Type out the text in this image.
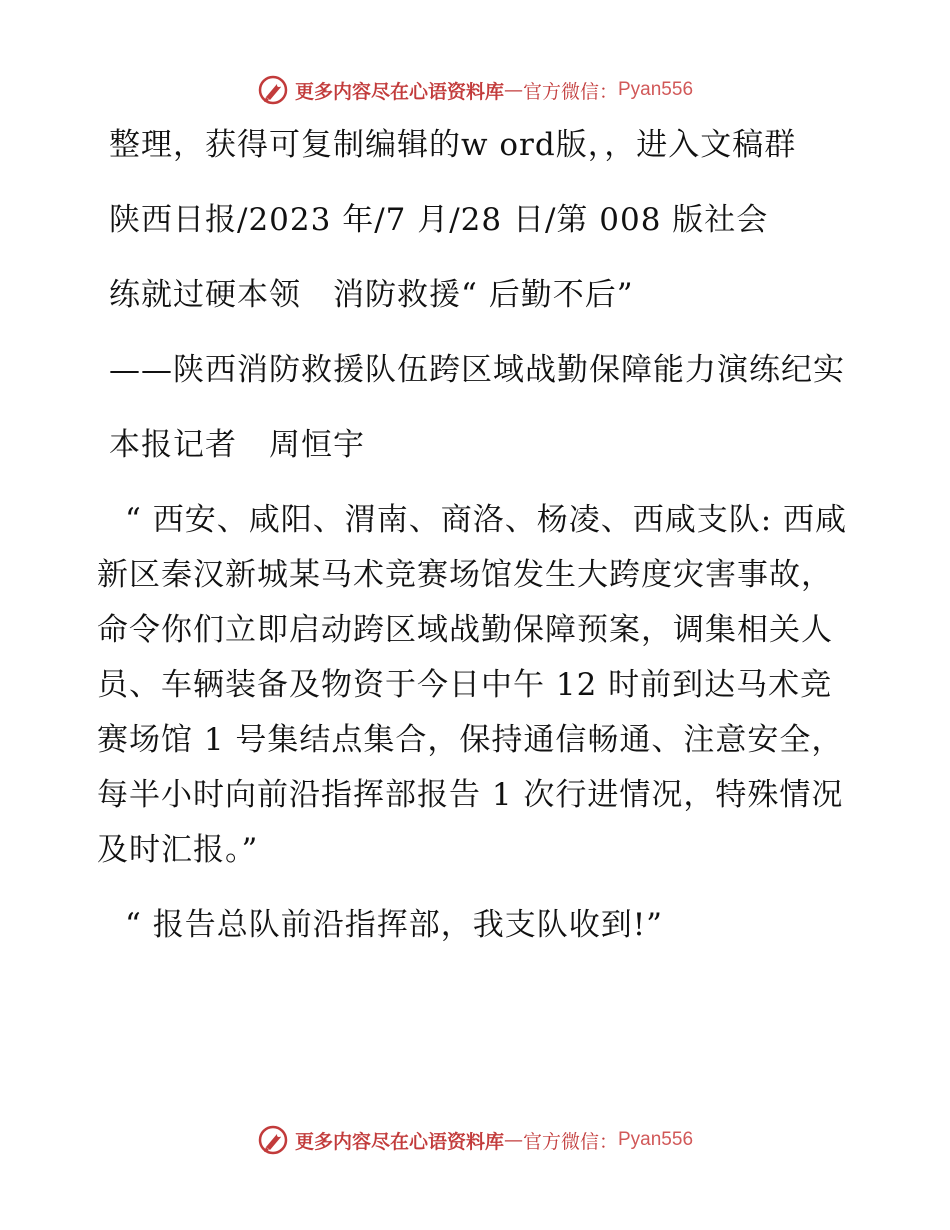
更多内容尽在心语资料库 — 官方微信： Pyan556

整理，获得可复制编辑的w ord版，，进入文稿群

陕西日报/2023 年/7 月/28 日/第 008 版社会

练就过硬本领　消防救援“ 后勤不后”

——陕西消防救援队伍跨区域战勤保障能力演练纪实

本报记者　周恒宇

“ 西安、咸阳、渭南、商洛、杨凌、西咸支队: 西咸新区秦汉新城某马术竞赛场馆发生大跨度灾害事故，命令你们立即启动跨区域战勤保障预案，调集相关人员、车辆装备及物资于今日中午 12 时前到达马术竞赛场馆 1 号集结点集合，保持通信畅通、注意安全，每半小时向前沿指挥部报告 1 次行进情况，特殊情况及时汇报。”

“ 报告总队前沿指挥部，我支队收到!”

更多内容尽在心语资料库 — 官方微信： Pyan556
